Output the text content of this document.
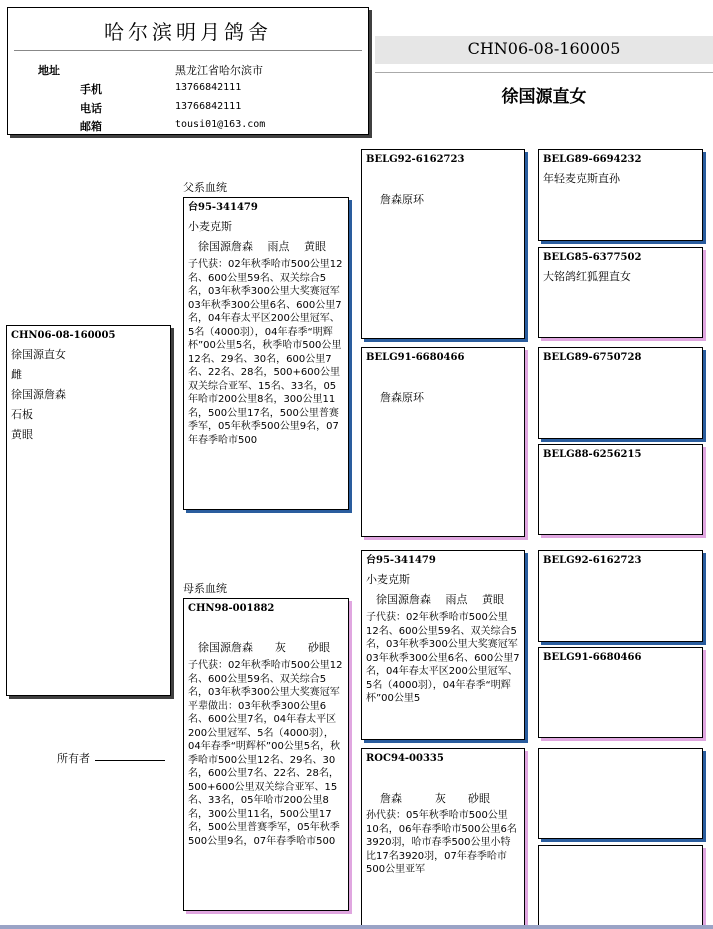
哈尔滨明月鸽舍
地址	黑龙江省哈尔滨市
手机	13766842111
电话	13766842111
邮箱	tousi01@163.com
CHN06-08-160005
徐国源直女
父系血统
母系血统
所有者
CHN06-08-160005
徐国源直女
雌
徐国源詹森
石板
黄眼
台95-341479
小麦克斯
徐国源詹森　 雨点　 黄眼
子代获：02年秋季哈市500公里12名、600公里59名、双关综合5名，03年秋季300公里大奖赛冠军
03年秋季300公里6名、600公里7名，04年春太平区200公里冠军、5名（4000羽），04年春季“明辉杯”00公里5名，秋季哈市500公里12名、29名、30名，600公里7名、22名、28名，500+600公里双关综合亚军、15名、33名，05年哈市200公里8名，300公里11名，500公里17名，500公里普赛季军，05年秋季500公里9名，07年春季哈市500
CHN98-001882
徐国源詹森　　灰　　砂眼
子代获：02年秋季哈市500公里12名、600公里59名、双关综合5名，03年秋季300公里大奖赛冠军
平辈做出：03年秋季300公里6名、600公里7名，04年春太平区200公里冠军、5名（4000羽），04年春季“明辉杯”00公里5名，秋季哈市500公里12名、29名、30名，600公里7名、22名、28名，500+600公里双关综合亚军、15名、33名，05年哈市200公里8名，300公里11名，500公里17名，500公里普赛季军，05年秋季500公里9名，07年春季哈市500
BELG92-6162723
詹森原环
BELG91-6680466
詹森原环
台95-341479
小麦克斯
徐国源詹森　 雨点　 黄眼
子代获：02年秋季哈市500公里12名、600公里59名、双关综合5名，03年秋季300公里大奖赛冠军
03年秋季300公里6名、600公里7名，04年春太平区200公里冠军、5名（4000羽），04年春季“明辉杯”00公里5
ROC94-00335
詹森　　　灰　　砂眼
孙代获：05年秋季哈市500公里10名，06年春季哈市500公里6名3920羽，哈市春季500公里小特比17名3920羽，07年春季哈市500公里亚军
BELG89-6694232
年轻麦克斯直孙
BELG85-6377502
大铭鸽红狐狸直女
BELG89-6750728
BELG88-6256215
BELG92-6162723
BELG91-6680466
